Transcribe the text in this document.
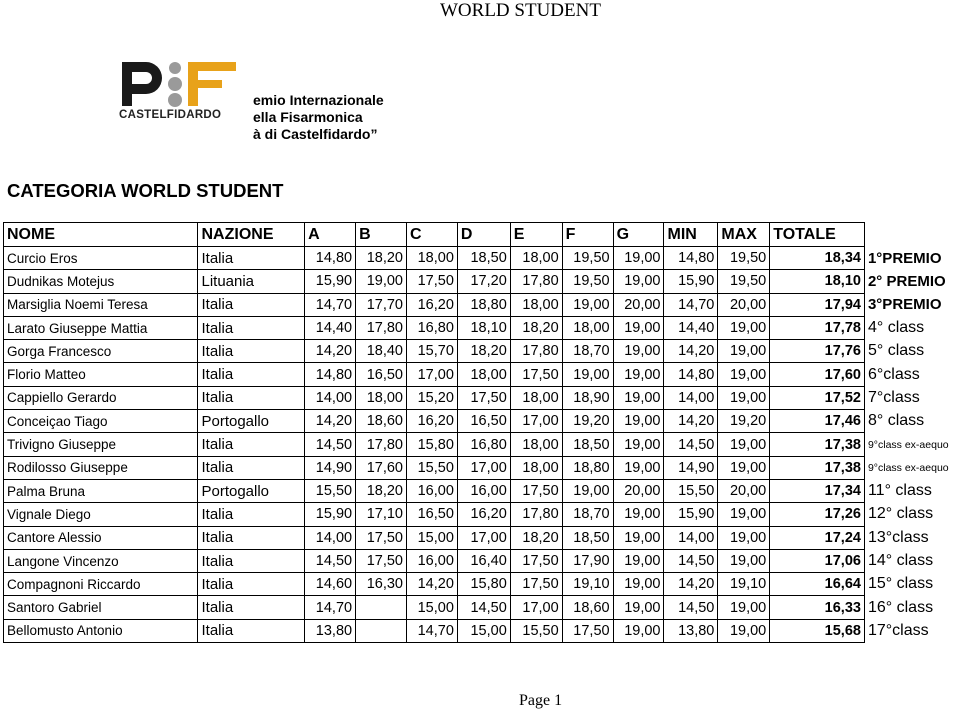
WORLD STUDENT
CASTELFIDARDO
emio Internazionale
ella Fisarmonica
à di Castelfidardo”
CATEGORIA WORLD STUDENT
NOME	NAZIONE	A	B	C	D	E	F	G	MIN	MAX	TOTALE	
Curcio Eros	Italia	14,80	18,20	18,00	18,50	18,00	19,50	19,00	14,80	19,50	18,34	1°PREMIO
Dudnikas Motejus	Lituania	15,90	19,00	17,50	17,20	17,80	19,50	19,00	15,90	19,50	18,10	2° PREMIO
Marsiglia Noemi Teresa	Italia	14,70	17,70	16,20	18,80	18,00	19,00	20,00	14,70	20,00	17,94	3°PREMIO
Larato Giuseppe Mattia	Italia	14,40	17,80	16,80	18,10	18,20	18,00	19,00	14,40	19,00	17,78	4° class
Gorga Francesco	Italia	14,20	18,40	15,70	18,20	17,80	18,70	19,00	14,20	19,00	17,76	5° class
Florio Matteo	Italia	14,80	16,50	17,00	18,00	17,50	19,00	19,00	14,80	19,00	17,60	6°class
Cappiello Gerardo	Italia	14,00	18,00	15,20	17,50	18,00	18,90	19,00	14,00	19,00	17,52	7°class
Conceiçao Tiago	Portogallo	14,20	18,60	16,20	16,50	17,00	19,20	19,00	14,20	19,20	17,46	8° class
Trivigno Giuseppe	Italia	14,50	17,80	15,80	16,80	18,00	18,50	19,00	14,50	19,00	17,38	9°class ex-aequo
Rodilosso Giuseppe	Italia	14,90	17,60	15,50	17,00	18,00	18,80	19,00	14,90	19,00	17,38	9°class ex-aequo
Palma Bruna	Portogallo	15,50	18,20	16,00	16,00	17,50	19,00	20,00	15,50	20,00	17,34	11° class
Vignale Diego	Italia	15,90	17,10	16,50	16,20	17,80	18,70	19,00	15,90	19,00	17,26	12° class
Cantore Alessio	Italia	14,00	17,50	15,00	17,00	18,20	18,50	19,00	14,00	19,00	17,24	13°class
Langone Vincenzo	Italia	14,50	17,50	16,00	16,40	17,50	17,90	19,00	14,50	19,00	17,06	14° class
Compagnoni Riccardo	Italia	14,60	16,30	14,20	15,80	17,50	19,10	19,00	14,20	19,10	16,64	15° class
Santoro Gabriel	Italia	14,70		15,00	14,50	17,00	18,60	19,00	14,50	19,00	16,33	16° class
Bellomusto Antonio	Italia	13,80		14,70	15,00	15,50	17,50	19,00	13,80	19,00	15,68	17°class
Page 1
